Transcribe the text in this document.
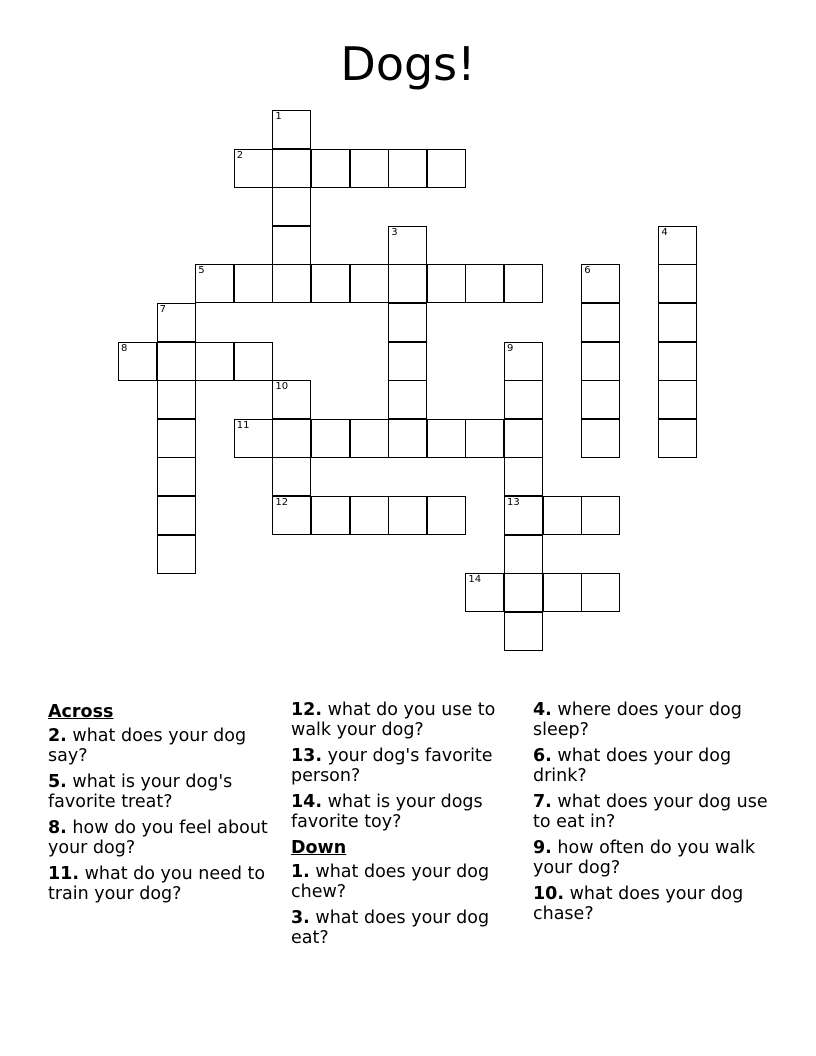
Dogs!
1
2
3	4
5	6
7
8	9
10
11
12	13
14
Across
2. what does your dog say?
5. what is your dog's favorite treat?
8. how do you feel about your dog?
11. what do you need to train your dog?
12. what do you use to walk your dog?
13. your dog's favorite person?
14. what is your dogs favorite toy?
Down
1. what does your dog chew?
3. what does your dog eat?
4. where does your dog sleep?
6. what does your dog drink?
7. what does your dog use to eat in?
9. how often do you walk your dog?
10. what does your dog chase?
